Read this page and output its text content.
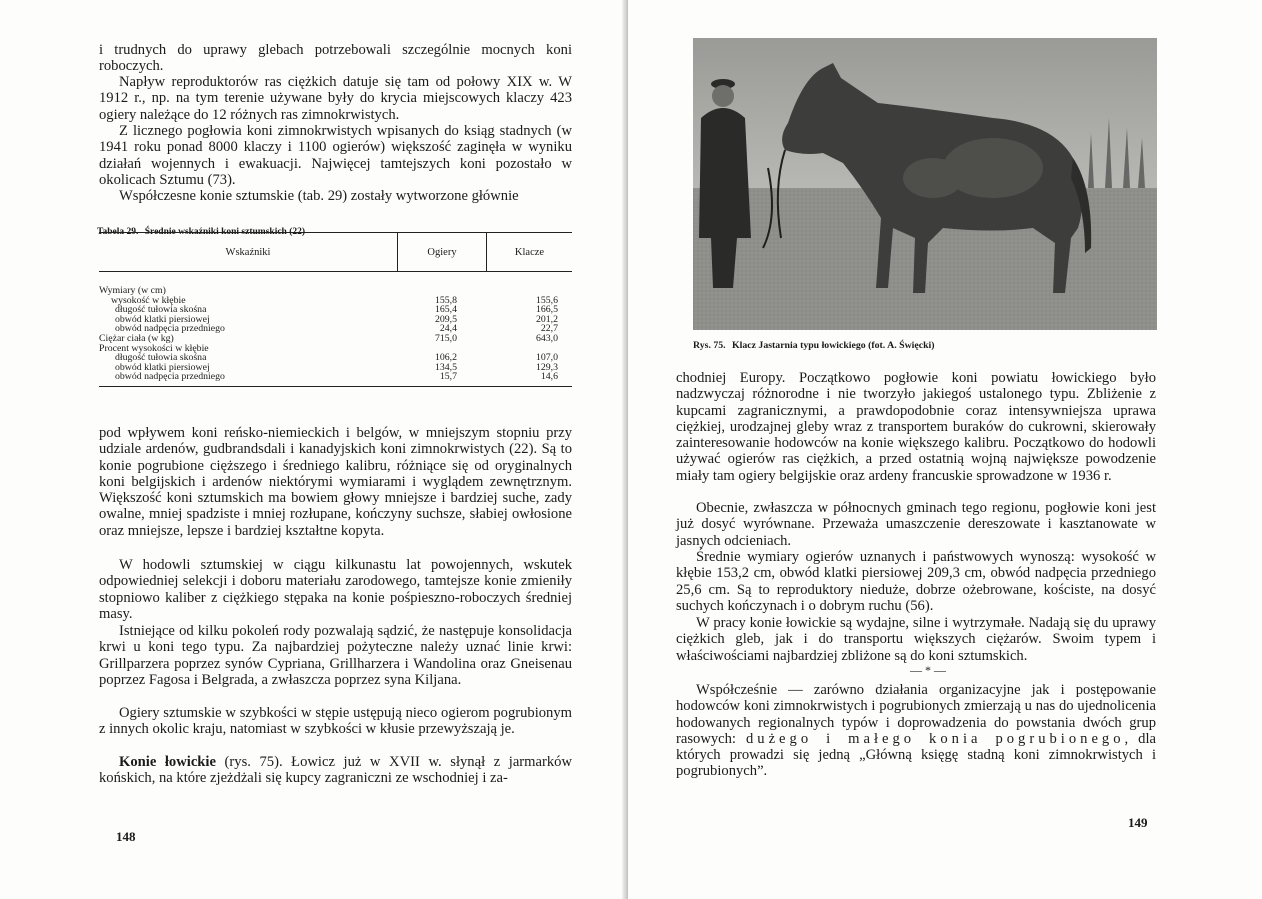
i trudnych do uprawy glebach potrzebowali szczególnie mocnych koni roboczych.

Napływ reproduktorów ras ciężkich datuje się tam od połowy XIX w. W 1912 r., np. na tym terenie używane były do krycia miejscowych klaczy 423 ogiery należące do 12 różnych ras zimnokrwistych.

Z licznego pogłowia koni zimnokrwistych wpisanych do ksiąg stadnych (w 1941 roku ponad 8000 klaczy i 1100 ogierów) większość zaginęła w wyniku działań wojennych i ewakuacji. Najwięcej tamtejszych koni pozostało w okolicach Sztumu (73).

Współczesne konie sztumskie (tab. 29) zostały wytworzone głównie

Tabela 29. Średnie wskaźniki koni sztumskich (22)
Wskaźniki	Ogiery	Klacze
Wymiary (w cm)
wysokość w kłębie	155,8	155,6
długość tułowia skośna	165,4	166,5
obwód klatki piersiowej	209,5	201,2
obwód nadpęcia przedniego	24,4	22,7
Ciężar ciała (w kg)	715,0	643,0
Procent wysokości w kłębie
długość tułowia skośna	106,2	107,0
obwód klatki piersiowej	134,5	129,3
obwód nadpęcia przedniego	15,7	14,6

pod wpływem koni reńsko-niemieckich i belgów, w mniejszym stopniu przy udziale ardenów, gudbrandsdali i kanadyjskich koni zimnokrwistych (22). Są to konie pogrubione cięższego i średniego kalibru, różniące się od oryginalnych koni belgijskich i ardenów niektórymi wymiarami i wyglądem zewnętrznym. Większość koni sztumskich ma bowiem głowy mniejsze i bardziej suche, zady owalne, mniej spadziste i mniej rozłupane, kończyny suchsze, słabiej owłosione oraz mniejsze, lepsze i bardziej kształtne kopyta.

W hodowli sztumskiej w ciągu kilkunastu lat powojennych, wskutek odpowiedniej selekcji i doboru materiału zarodowego, tamtejsze konie zmieniły stopniowo kaliber z ciężkiego stępaka na konie pośpieszno-roboczych średniej masy.

Istniejące od kilku pokoleń rody pozwalają sądzić, że następuje konsolidacja krwi u koni tego typu. Za najbardziej pożyteczne należy uznać linie krwi: Grillparzera poprzez synów Cypriana, Grillharzera i Wandolina oraz Gneisenau poprzez Fagosa i Belgrada, a zwłaszcza poprzez syna Kiljana.

Ogiery sztumskie w szybkości w stępie ustępują nieco ogierom pogrubionym z innych okolic kraju, natomiast w szybkości w kłusie przewyższają je.

Konie łowickie (rys. 75). Łowicz już w XVII w. słynął z jarmarków końskich, na które zjeżdżali się kupcy zagraniczni ze wschodniej i za-

148
Rys. 75. Klacz Jastarnia typu łowickiego (fot. A. Święcki)

chodniej Europy. Początkowo pogłowie koni powiatu łowickiego było nadzwyczaj różnorodne i nie tworzyło jakiegoś ustalonego typu. Zbliżenie z kupcami zagranicznymi, a prawdopodobnie coraz intensywniejsza uprawa ciężkiej, urodzajnej gleby wraz z transportem buraków do cukrowni, skierowały zainteresowanie hodowców na konie większego kalibru. Początkowo do hodowli używać ogierów ras ciężkich, a przed ostatnią wojną największe powodzenie miały tam ogiery belgijskie oraz ardeny francuskie sprowadzone w 1936 r.

Obecnie, zwłaszcza w północnych gminach tego regionu, pogłowie koni jest już dosyć wyrównane. Przeważa umaszczenie dereszowate i kasztanowate w jasnych odcieniach.

Średnie wymiary ogierów uznanych i państwowych wynoszą: wysokość w kłębie 153,2 cm, obwód klatki piersiowej 209,3 cm, obwód nadpęcia przedniego 25,6 cm. Są to reproduktory nieduże, dobrze ożebrowane, kościste, na dosyć suchych kończynach i o dobrym ruchu (56).

W pracy konie łowickie są wydajne, silne i wytrzymałe. Nadają się du uprawy ciężkich gleb, jak i do transportu większych ciężarów. Swoim typem i właściwościami najbardziej zbliżone są do koni sztumskich.

— * —

Współcześnie — zarówno działania organizacyjne jak i postępowanie hodowców koni zimnokrwistych i pogrubionych zmierzają u nas do ujednolicenia hodowanych regionalnych typów i doprowadzenia do powstania dwóch grup rasowych: dużego i małego konia pogrubionego, dla których prowadzi się jedną „Główną księgę stadną koni zimnokrwistych i pogrubionych”.

149
